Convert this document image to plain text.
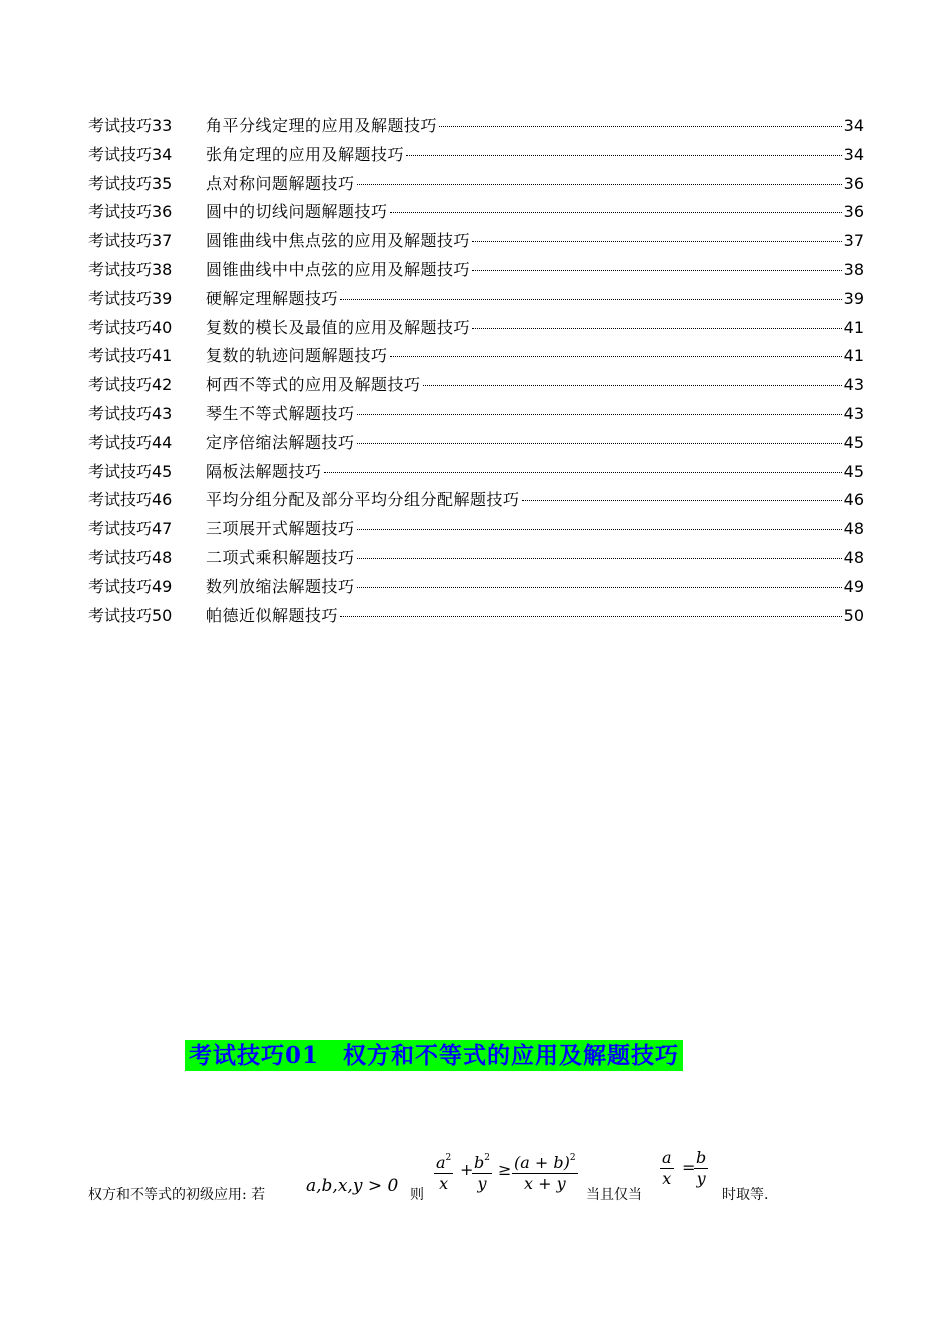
考试技巧33	角平分线定理的应用及解题技巧	34
考试技巧34	张角定理的应用及解题技巧	34
考试技巧35	点对称问题解题技巧	36
考试技巧36	圆中的切线问题解题技巧	36
考试技巧37	圆锥曲线中焦点弦的应用及解题技巧	37
考试技巧38	圆锥曲线中中点弦的应用及解题技巧	38
考试技巧39	硬解定理解题技巧	39
考试技巧40	复数的模长及最值的应用及解题技巧	41
考试技巧41	复数的轨迹问题解题技巧	41
考试技巧42	柯西不等式的应用及解题技巧	43
考试技巧43	琴生不等式解题技巧	43
考试技巧44	定序倍缩法解题技巧	45
考试技巧45	隔板法解题技巧	45
考试技巧46	平均分组分配及部分平均分组分配解题技巧	46
考试技巧47	三项展开式解题技巧	48
考试技巧48	二项式乘积解题技巧	48
考试技巧49	数列放缩法解题技巧	49
考试技巧50	帕德近似解题技巧	50
考试技巧01　权方和不等式的应用及解题技巧
权方和不等式的初级应用: 若 a,b,x,y > 0 则
$a^2$
x
+ $b^2$
y
≥ $(a + b)^2$
x + y
当且仅当
a
x
=
b
y
时取等.
